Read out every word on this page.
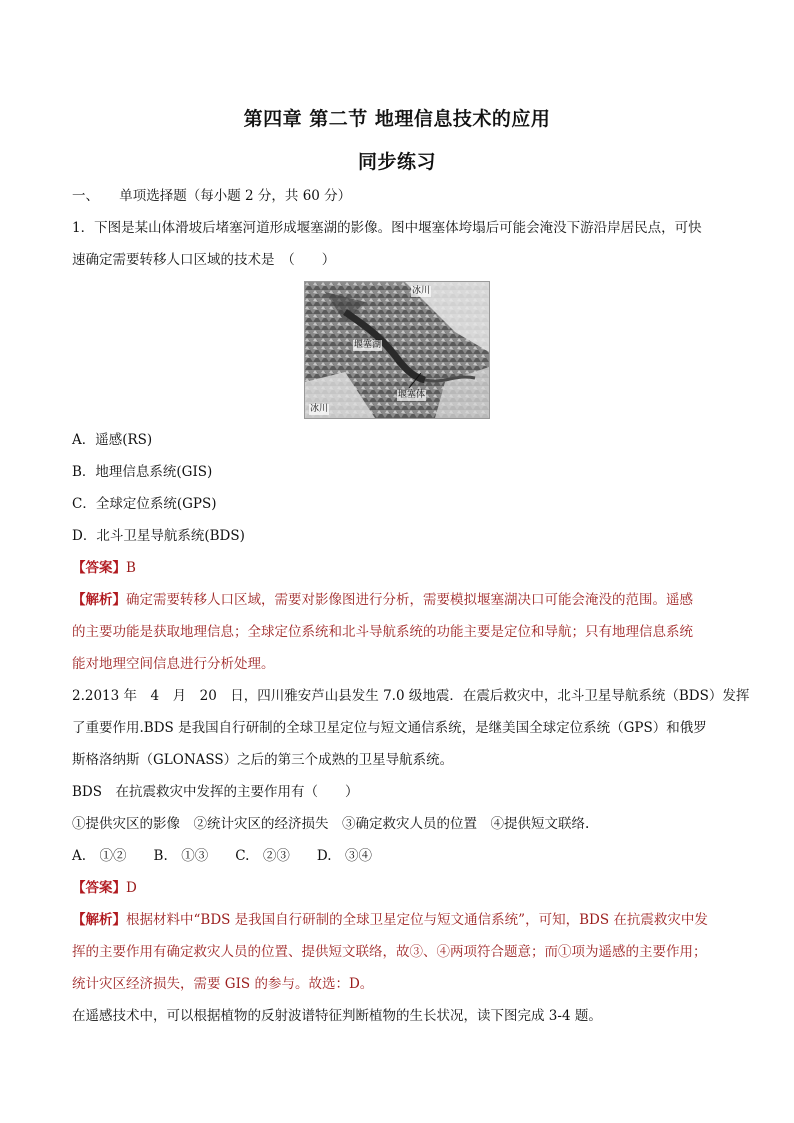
第四章 第二节 地理信息技术的应用
同步练习
一、　　单项选择题（每小题 2 分，共 60 分）
1．下图是某山体滑坡后堵塞河道形成堰塞湖的影像。图中堰塞体垮塌后可能会淹没下游沿岸居民点，可快
速确定需要转移人口区域的技术是　（　　）
冰川
堰塞湖
堰塞体
冰川
A．遥感(RS)
B．地理信息系统(GIS)
C．全球定位系统(GPS)
D．北斗卫星导航系统(BDS)
【答案】B
【解析】确定需要转移人口区域，需要对影像图进行分析，需要模拟堰塞湖决口可能会淹没的范围。遥感
的主要功能是获取地理信息；全球定位系统和北斗导航系统的功能主要是定位和导航；只有地理信息系统
能对地理空间信息进行分析处理。
2.2013 年　4　月　20　日，四川雅安芦山县发生 7.0 级地震．在震后救灾中，北斗卫星导航系统（BDS）发挥
了重要作用.BDS 是我国自行研制的全球卫星定位与短文通信系统，是继美国全球定位系统（GPS）和俄罗
斯格洛纳斯（GLONASS）之后的第三个成熟的卫星导航系统。
BDS　在抗震救灾中发挥的主要作用有（　　）
①提供灾区的影像　②统计灾区的经济损失　③确定救灾人员的位置　④提供短文联络.
A.　①②　　B.　①③　　C.　②③　　D.　③④
【答案】D
【解析】根据材料中“BDS 是我国自行研制的全球卫星定位与短文通信系统”，可知，BDS 在抗震救灾中发
挥的主要作用有确定救灾人员的位置、提供短文联络，故③、④两项符合题意；而①项为遥感的主要作用；
统计灾区经济损失，需要 GIS 的参与。故选：D。
在遥感技术中，可以根据植物的反射波谱特征判断植物的生长状况，读下图完成 3-4 题。
